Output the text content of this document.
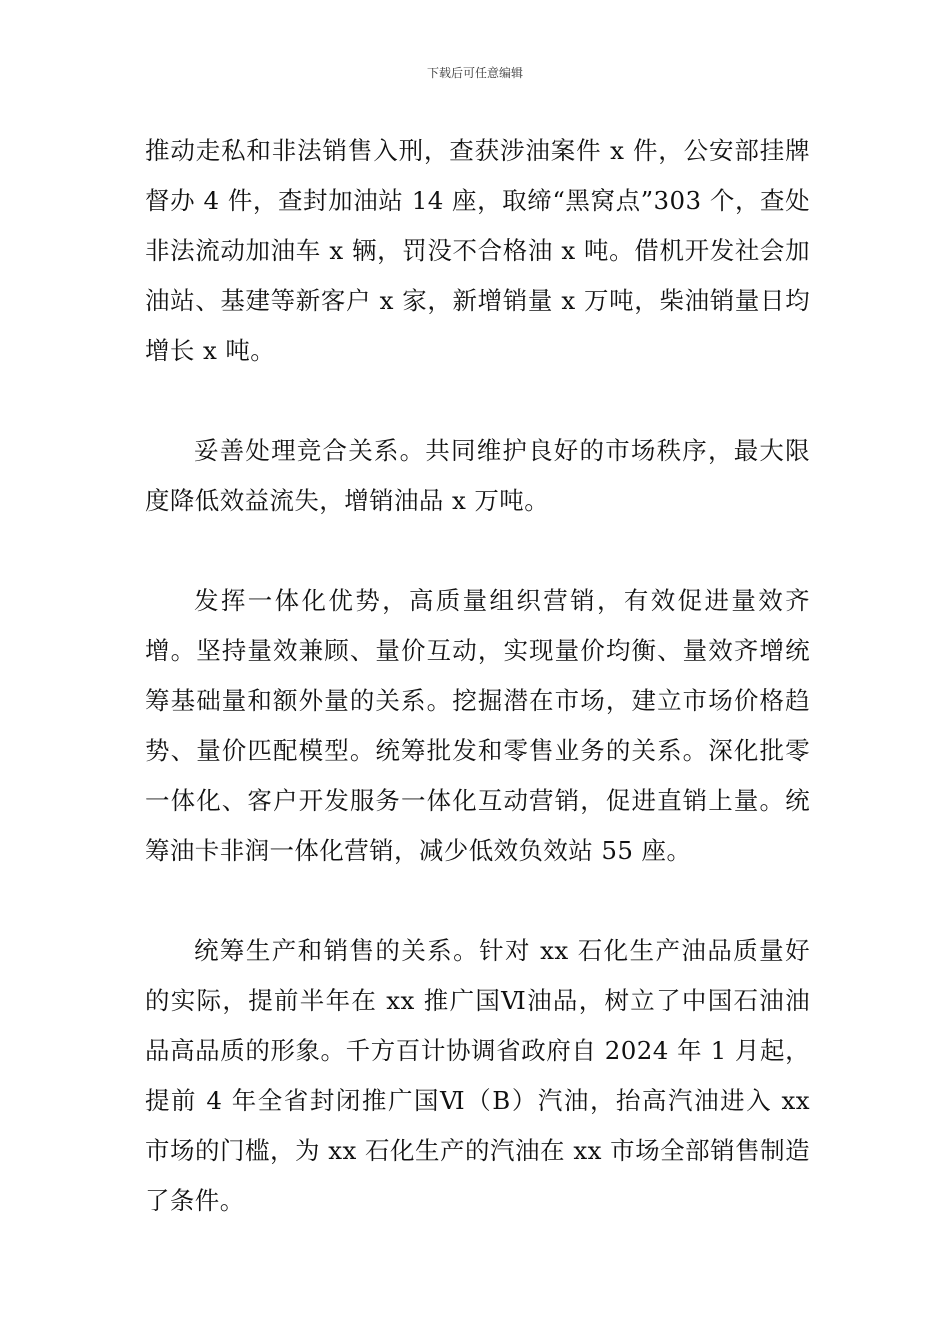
下载后可任意编辑

推动走私和非法销售入刑，查获涉油案件 x 件，公安部挂牌督办 4 件，查封加油站 14 座，取缔“黑窝点”303 个，查处非法流动加油车 x 辆，罚没不合格油 x 吨。借机开发社会加油站、基建等新客户 x 家，新增销量 x 万吨，柴油销量日均增长 x 吨。

妥善处理竞合关系。共同维护良好的市场秩序，最大限度降低效益流失，增销油品 x 万吨。

发挥一体化优势，高质量组织营销，有效促进量效齐增。坚持量效兼顾、量价互动，实现量价均衡、量效齐增统筹基础量和额外量的关系。挖掘潜在市场，建立市场价格趋势、量价匹配模型。统筹批发和零售业务的关系。深化批零一体化、客户开发服务一体化互动营销，促进直销上量。统筹油卡非润一体化营销，减少低效负效站 55 座。

统筹生产和销售的关系。针对 xx 石化生产油品质量好的实际，提前半年在 xx 推广国Ⅵ油品，树立了中国石油油品高品质的形象。千方百计协调省政府自 2024 年 1 月起，提前 4 年全省封闭推广国Ⅵ（B）汽油，抬高汽油进入 xx 市场的门槛，为 xx 石化生产的汽油在 xx 市场全部销售制造了条件。
